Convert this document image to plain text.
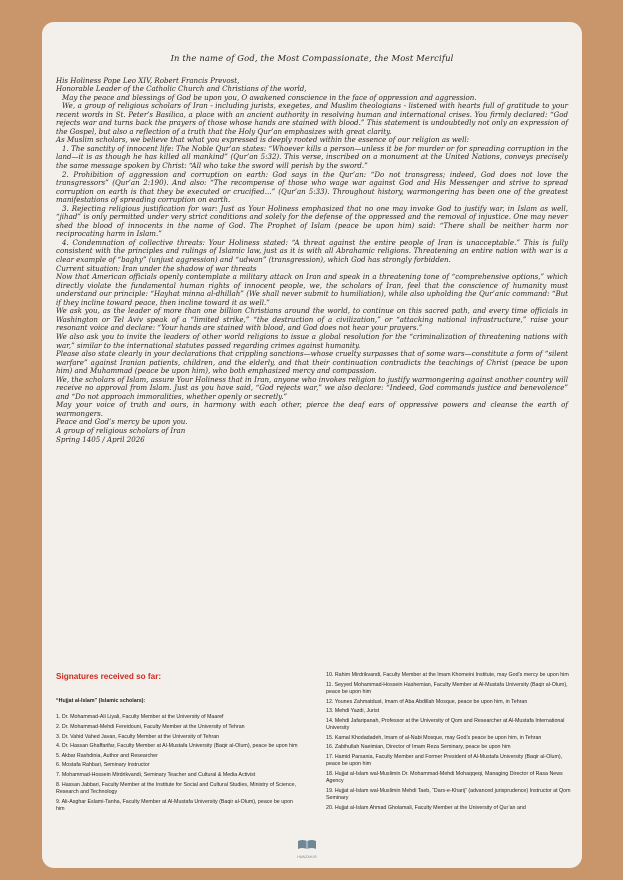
In the name of God, the Most Compassionate, the Most Merciful

His Holiness Pope Leo XIV, Robert Francis Prevost,

Honorable Leader of the Catholic Church and Christians of the world,

May the peace and blessings of God be upon you, O awakened conscience in the face of oppression and aggression.

We, a group of religious scholars of Iran - including jurists, exegetes, and Muslim theologians - listened with hearts full of gratitude to your recent words in St. Peter’s Basilica, a place with an ancient authority in resolving human and international crises. You firmly declared: “God rejects war and turns back the prayers of those whose hands are stained with blood.” This statement is undoubtedly not only an expression of the Gospel, but also a reflection of a truth that the Holy Qur’an emphasizes with great clarity.

As Muslim scholars, we believe that what you expressed is deeply rooted within the essence of our religion as well:

1. The sanctity of innocent life: The Noble Qur’an states: “Whoever kills a person—unless it be for murder or for spreading corruption in the land—it is as though he has killed all mankind” (Qur’an 5:32). This verse, inscribed on a monument at the United Nations, conveys precisely the same message spoken by Christ: “All who take the sword will perish by the sword.”

2. Prohibition of aggression and corruption on earth: God says in the Qur’an: “Do not transgress; indeed, God does not love the transgressors” (Qur’an 2:190). And also: “The recompense of those who wage war against God and His Messenger and strive to spread corruption on earth is that they be executed or crucified…” (Qur’an 5:33). Throughout history, warmongering has been one of the greatest manifestations of spreading corruption on earth.

3. Rejecting religious justification for war: Just as Your Holiness emphasized that no one may invoke God to justify war, in Islam as well, “jihad” is only permitted under very strict conditions and solely for the defense of the oppressed and the removal of injustice. One may never shed the blood of innocents in the name of God. The Prophet of Islam (peace be upon him) said: “There shall be neither harm nor reciprocating harm in Islam.”

4. Condemnation of collective threats: Your Holiness stated: “A threat against the entire people of Iran is unacceptable.” This is fully consistent with the principles and rulings of Islamic law, just as it is with all Abrahamic religions. Threatening an entire nation with war is a clear example of “baghy” (unjust aggression) and “udwan” (transgression), which God has strongly forbidden.

Current situation: Iran under the shadow of war threats

Now that American officials openly contemplate a military attack on Iran and speak in a threatening tone of “comprehensive options,” which directly violate the fundamental human rights of innocent people, we, the scholars of Iran, feel that the conscience of humanity must understand our principle: “Hayhat minna al-dhillah” (We shall never submit to humiliation), while also upholding the Qur’anic command: “But if they incline toward peace, then incline toward it as well.”

We ask you, as the leader of more than one billion Christians around the world, to continue on this sacred path, and every time officials in Washington or Tel Aviv speak of a “limited strike,” “the destruction of a civilization,” or “attacking national infrastructure,” raise your resonant voice and declare: “Your hands are stained with blood, and God does not hear your prayers.”

We also ask you to invite the leaders of other world religions to issue a global resolution for the “criminalization of threatening nations with war,” similar to the international statutes passed regarding crimes against humanity.

Please also state clearly in your declarations that crippling sanctions—whose cruelty surpasses that of some wars—constitute a form of “silent warfare” against Iranian patients, children, and the elderly, and that their continuation contradicts the teachings of Christ (peace be upon him) and Muhammad (peace be upon him), who both emphasized mercy and compassion.

We, the scholars of Islam, assure Your Holiness that in Iran, anyone who invokes religion to justify warmongering against another country will receive no approval from Islam. Just as you have said, “God rejects war,” we also declare: “Indeed, God commands justice and benevolence” and “Do not approach immoralities, whether openly or secretly.”

May your voice of truth and ours, in harmony with each other, pierce the deaf ears of oppressive powers and cleanse the earth of warmongers.

Peace and God’s mercy be upon you.

A group of religious scholars of Iran

Spring 1405 / April 2026

Signatures received so far:
“Hujjat al-Islam” (Islamic scholars):
1. Dr. Mohammad-Ali Liyali, Faculty Member at the University of Maaref
2. Dr. Mohammad-Mehdi Fereidouni, Faculty Member at the University of Tehran
3. Dr. Vahid Vahed Javan, Faculty Member at the University of Tehran
4. Dr. Hassan Ghaffarifar, Faculty Member at Al-Mustafa University (Baqir al-Olum), peace be upon him
5. Akbar Rashdinia, Author and Researcher
6. Mostafa Rahbari, Seminary Instructor
7. Mohammad-Hossein Mirdrikvandi, Seminary Teacher and Cultural & Media Activist
8. Hassan Jabbari, Faculty Member at the Institute for Social and Cultural Studies, Ministry of Science, Research and Technology
9. Ali-Asghar Eslami-Tanha, Faculty Member at Al-Mustafa University (Baqir al-Olum), peace be upon him
10. Rahim Mirdrikvandi, Faculty Member at the Imam Khomeini Institute, may God’s mercy be upon him
11. Seyyed Mohammad-Hossein Hashemian, Faculty Member at Al-Mustafa University (Baqir al-Olum), peace be upon him
12. Younes Zahmatdust, Imam of Aba Abdillah Mosque, peace be upon him, in Tehran
13. Mehdi Yazdi, Jurist
14. Mehdi Jafaripanah, Professor at the University of Qom and Researcher at Al-Mustafa International University
15. Kamal Khodadadeh, Imam of al-Nabi Mosque, may God’s peace be upon him, in Tehran
16. Zabihullah Naeimian, Director of Imam Reza Seminary, peace be upon him
17. Hamid Parsania, Faculty Member and Former President of Al-Mustafa University (Baqir al-Olum), peace be upon him
18. Hujjat al-Islam wal-Muslimin Dr. Mohammad-Mehdi Mohaqqeqi, Managing Director of Rasa News Agency
19. Hujjat al-Islam wal-Muslimin Mehdi Taeb, “Dars-e-Kharij” (advanced jurisprudence) Instructor at Qom Seminary
20. Hujjat al-Islam Ahmad Gholamali, Faculty Member at the University of Qur’an and
HAWZAH.IR
